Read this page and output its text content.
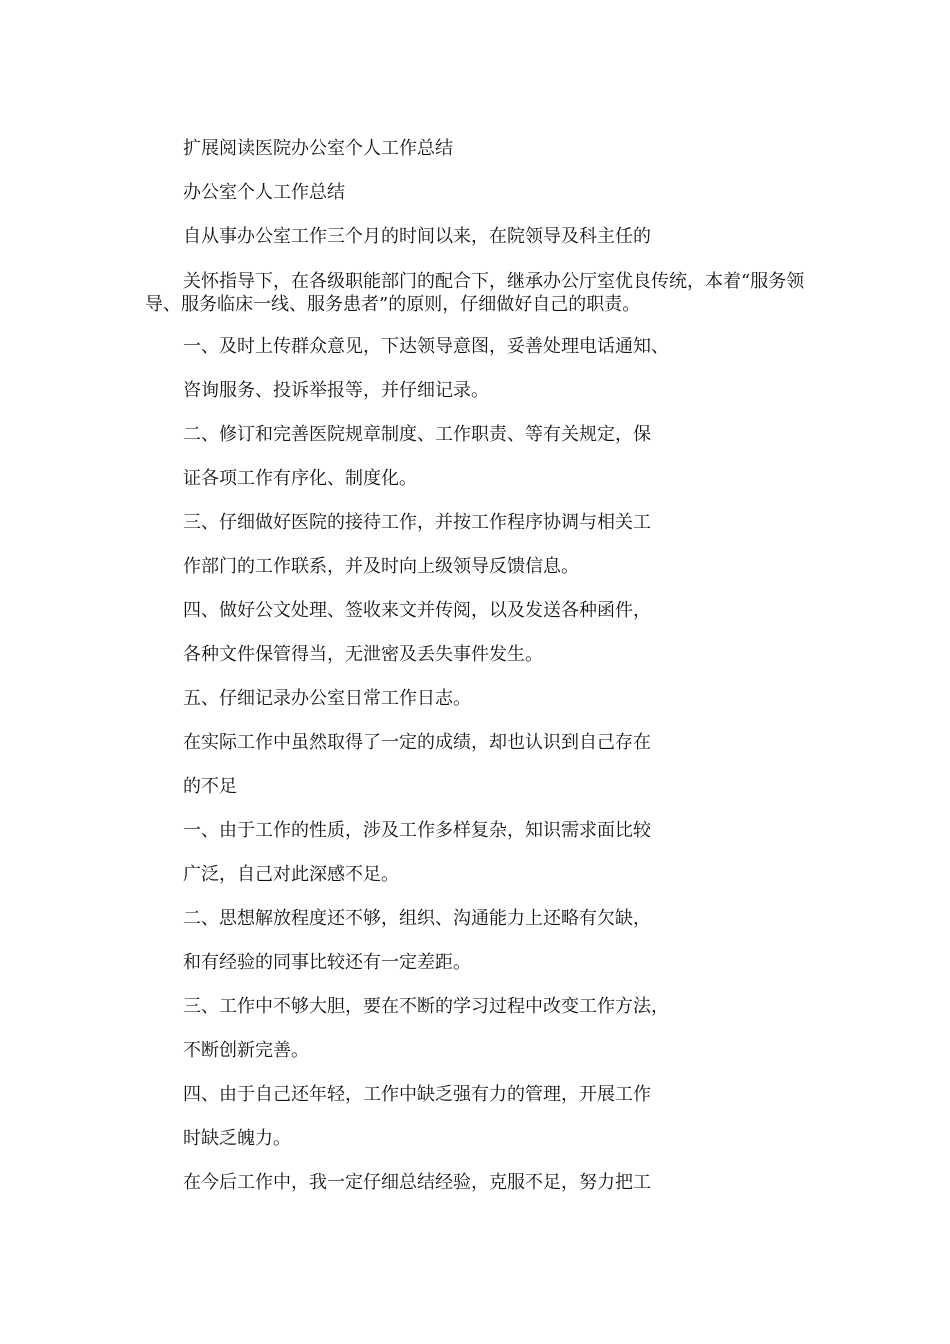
扩展阅读医院办公室个人工作总结
办公室个人工作总结
自从事办公室工作三个月的时间以来，在院领导及科主任的
关怀指导下，在各级职能部门的配合下，继承办公厅室优良传统，本着“服务领导、服务临床一线、服务患者”的原则，仔细做好自己的职责。
一、及时上传群众意见，下达领导意图，妥善处理电话通知、
咨询服务、投诉举报等，并仔细记录。
二、修订和完善医院规章制度、工作职责、等有关规定，保
证各项工作有序化、制度化。
三、仔细做好医院的接待工作，并按工作程序协调与相关工
作部门的工作联系，并及时向上级领导反馈信息。
四、做好公文处理、签收来文并传阅，以及发送各种函件，
各种文件保管得当，无泄密及丢失事件发生。
五、仔细记录办公室日常工作日志。
在实际工作中虽然取得了一定的成绩，却也认识到自己存在
的不足
一、由于工作的性质，涉及工作多样复杂，知识需求面比较
广泛，自己对此深感不足。
二、思想解放程度还不够，组织、沟通能力上还略有欠缺，
和有经验的同事比较还有一定差距。
三、工作中不够大胆，要在不断的学习过程中改变工作方法，
不断创新完善。
四、由于自己还年轻，工作中缺乏强有力的管理，开展工作
时缺乏魄力。
在今后工作中，我一定仔细总结经验，克服不足，努力把工
